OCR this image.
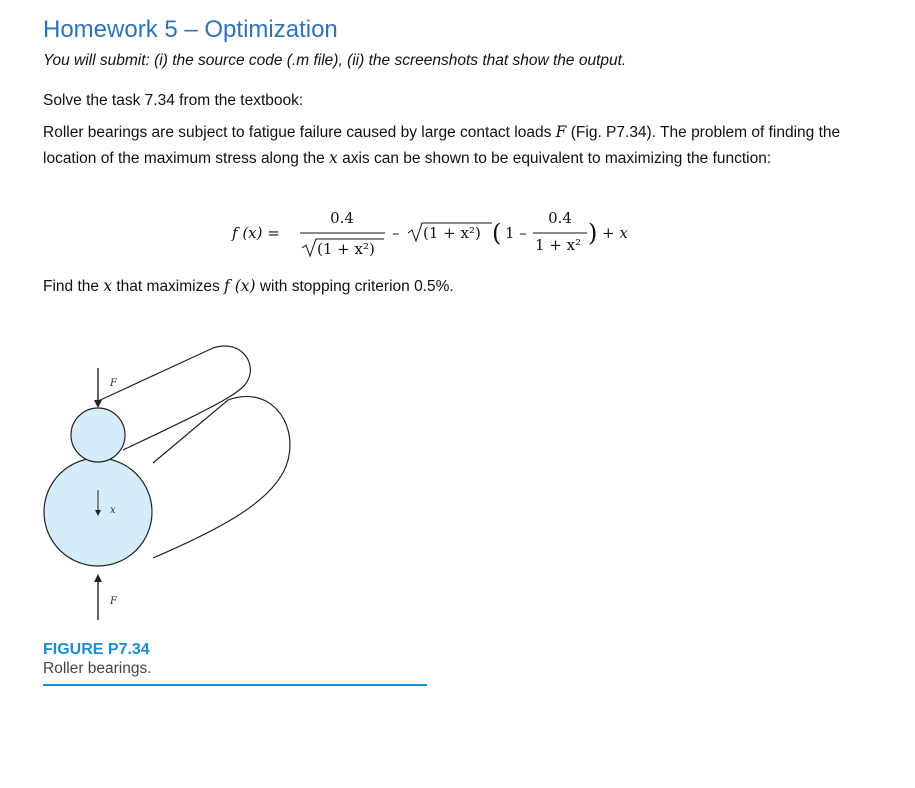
Homework 5 – Optimization
You will submit: (i) the source code (.m file), (ii) the screenshots that show the output.
Solve the task 7.34 from the textbook:
Roller bearings are subject to fatigue failure caused by large contact loads F (Fig. P7.34). The problem of finding the location of the maximum stress along the x axis can be shown to be equivalent to maximizing the function:
f (x) =
0.4
(1 + x²)
– (1 + x²) ( 1 –
0.4
1 + x² ) + x
Find the x that maximizes f (x) with stopping criterion 0.5%.
F
x
F
FIGURE P7.34
Roller bearings.
